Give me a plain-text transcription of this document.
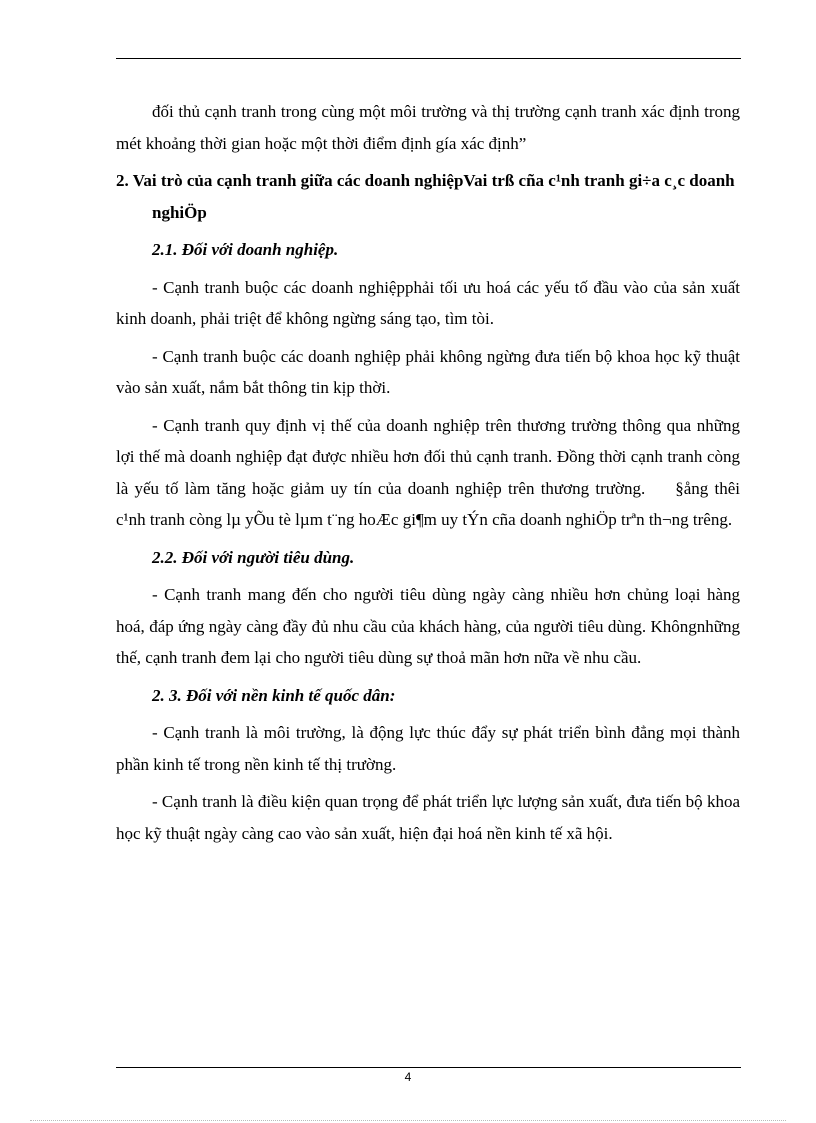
đối thủ cạnh tranh trong cùng một môi trường và thị trường cạnh tranh xác định trong mét khoảng thời gian hoặc một thời điểm định gía xác định”

2. Vai trò của cạnh tranh giữa các doanh nghiệpVai trß cña c¹nh tranh gi÷a c¸c doanh nghiÖp
2.1. Đối với doanh nghiệp.

- Cạnh tranh buộc các doanh nghiệpphải tối ưu hoá các yếu tố đầu vào của sản xuất kinh doanh, phải triệt để không ngừng sáng tạo, tìm tòi.

- Cạnh tranh buộc các doanh nghiệp phải không ngừng đưa tiến bộ khoa học kỹ thuật vào sản xuất, nắm bắt thông tin kịp thời.

- Cạnh tranh quy định vị thế của doanh nghiệp trên thương trường thông qua những lợi thế mà doanh nghiệp đạt được nhiều hơn đối thủ cạnh tranh. Đồng thời cạnh tranh còng là yếu tố làm tăng hoặc giảm uy tín của doanh nghiệp trên thương trường. §ång thêi c¹nh tranh còng lµ yÕu tè lµm t¨ng hoÆc gi¶m uy tÝn cña doanh nghiÖp trªn th¬ng trêng.

2.2. Đối với người tiêu dùng.

- Cạnh tranh mang đến cho người tiêu dùng ngày càng nhiều hơn chủng loại hàng hoá, đáp ứng ngày càng đầy đủ nhu cầu của khách hàng, của người tiêu dùng. Khôngnhững thế, cạnh tranh đem lại cho người tiêu dùng sự thoả mãn hơn nữa về nhu cầu.

2. 3. Đối với nền kinh tế quốc dân:

- Cạnh tranh là môi trường, là động lực thúc đẩy sự phát triển bình đẳng mọi thành phần kinh tế trong nền kinh tế thị trường.

- Cạnh tranh là điều kiện quan trọng để phát triển lực lượng sản xuất, đưa tiến bộ khoa học kỹ thuật ngày càng cao vào sản xuất, hiện đại hoá nền kinh tế xã hội.

4
